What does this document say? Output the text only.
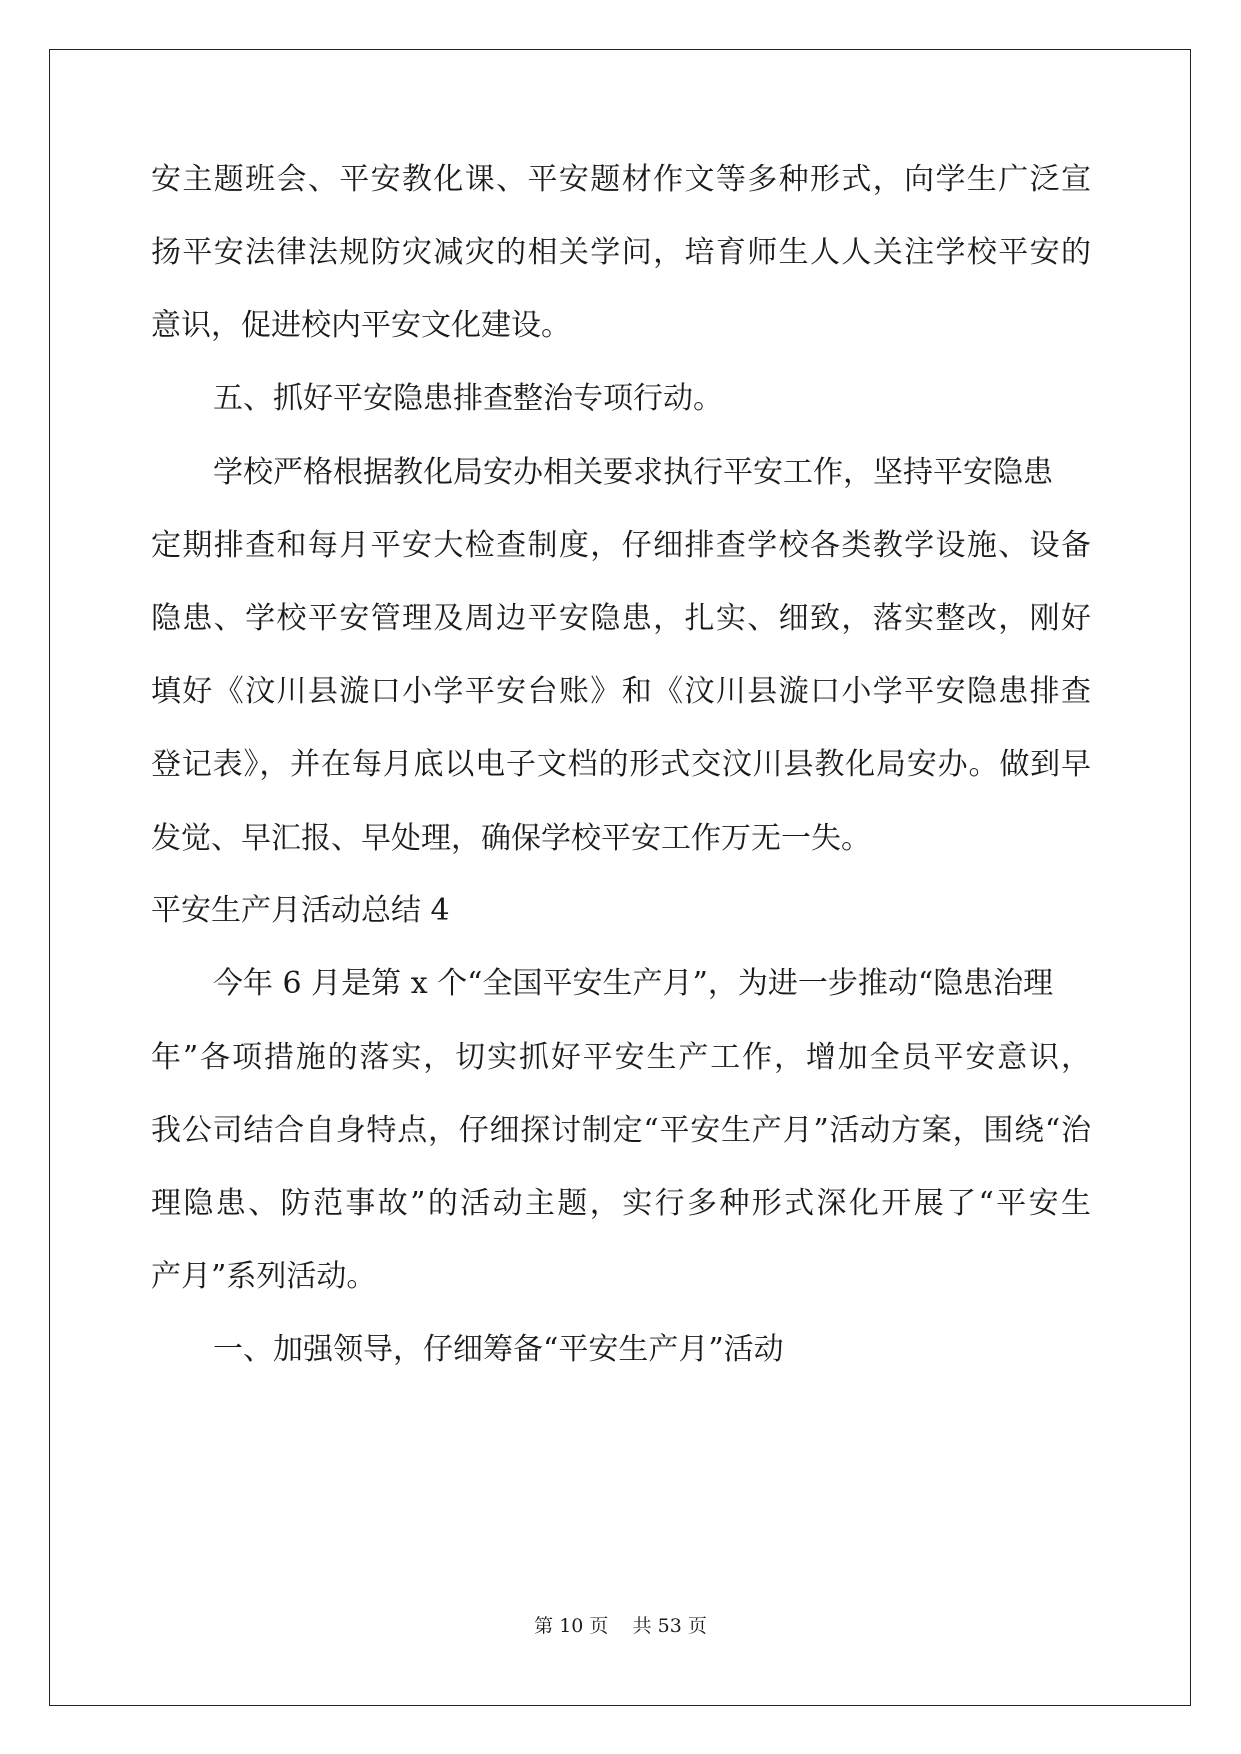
安主题班会、平安教化课、平安题材作文等多种形式，向学生广泛宣
扬平安法律法规防灾减灾的相关学问，培育师生人人关注学校平安的
意识，促进校内平安文化建设。
五、抓好平安隐患排查整治专项行动。
学校严格根据教化局安办相关要求执行平安工作，坚持平安隐患
定期排查和每月平安大检查制度，仔细排查学校各类教学设施、设备
隐患、学校平安管理及周边平安隐患，扎实、细致，落实整改，刚好
填好《汶川县漩口小学平安台账》和《汶川县漩口小学平安隐患排查
登记表》，并在每月底以电子文档的形式交汶川县教化局安办。做到早
发觉、早汇报、早处理，确保学校平安工作万无一失。
平安生产月活动总结 4
今年 6 月是第 x 个“全国平安生产月”，为进一步推动“隐患治理
年”各项措施的落实，切实抓好平安生产工作，增加全员平安意识，
我公司结合自身特点，仔细探讨制定“平安生产月”活动方案，围绕“治
理隐患、防范事故”的活动主题，实行多种形式深化开展了“平安生
产月”系列活动。
一、加强领导，仔细筹备“平安生产月”活动
第 10 页    共 53 页
